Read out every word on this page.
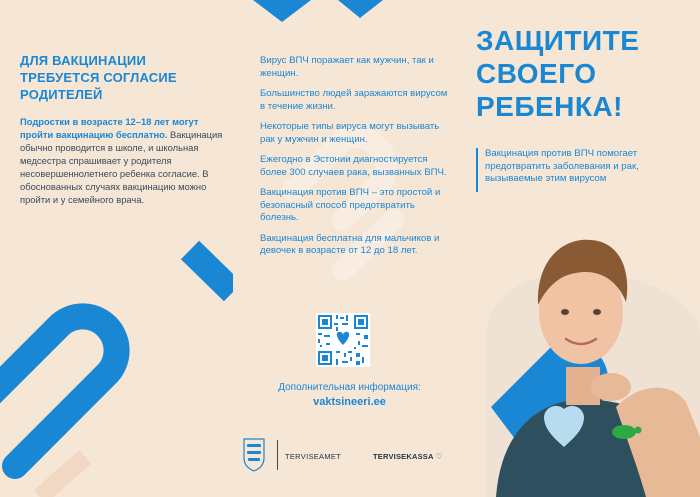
ДЛЯ ВАКЦИНАЦИИ ТРЕБУЕТСЯ СОГЛАСИЕ РОДИТЕЛЕЙ

Подростки в возрасте 12–18 лет могут пройти вакцинацию бесплатно. Вакцинация обычно проводится в школе, и школьная медсестра спрашивает у родителя несовершеннолетнего ребенка согласие. В обоснованных случаях вакцинацию можно пройти и у семейного врача.

Вирус ВПЧ поражает как мужчин, так и женщин.
Большинство людей заражаются вирусом в течение жизни.
Некоторые типы вируса могут вызывать рак у мужчин и женщин.
Ежегодно в Эстонии диагностируется более 300 случаев рака, вызванных ВПЧ.
Вакцинация против ВПЧ – это простой и безопасный способ предотвратить болезнь.
Вакцинация бесплатна для мальчиков и девочек в возрасте от 12 до 18 лет.
Дополнительная информация:
vaktsineeri.ee
TERVISEAMET	TERVISEKASSA ♡
ЗАЩИТИТЕ
СВОЕГО
РЕБЕНКА!

Вакцинация против ВПЧ помогает предотвратить заболевания и рак, вызываемые этим вирусом
